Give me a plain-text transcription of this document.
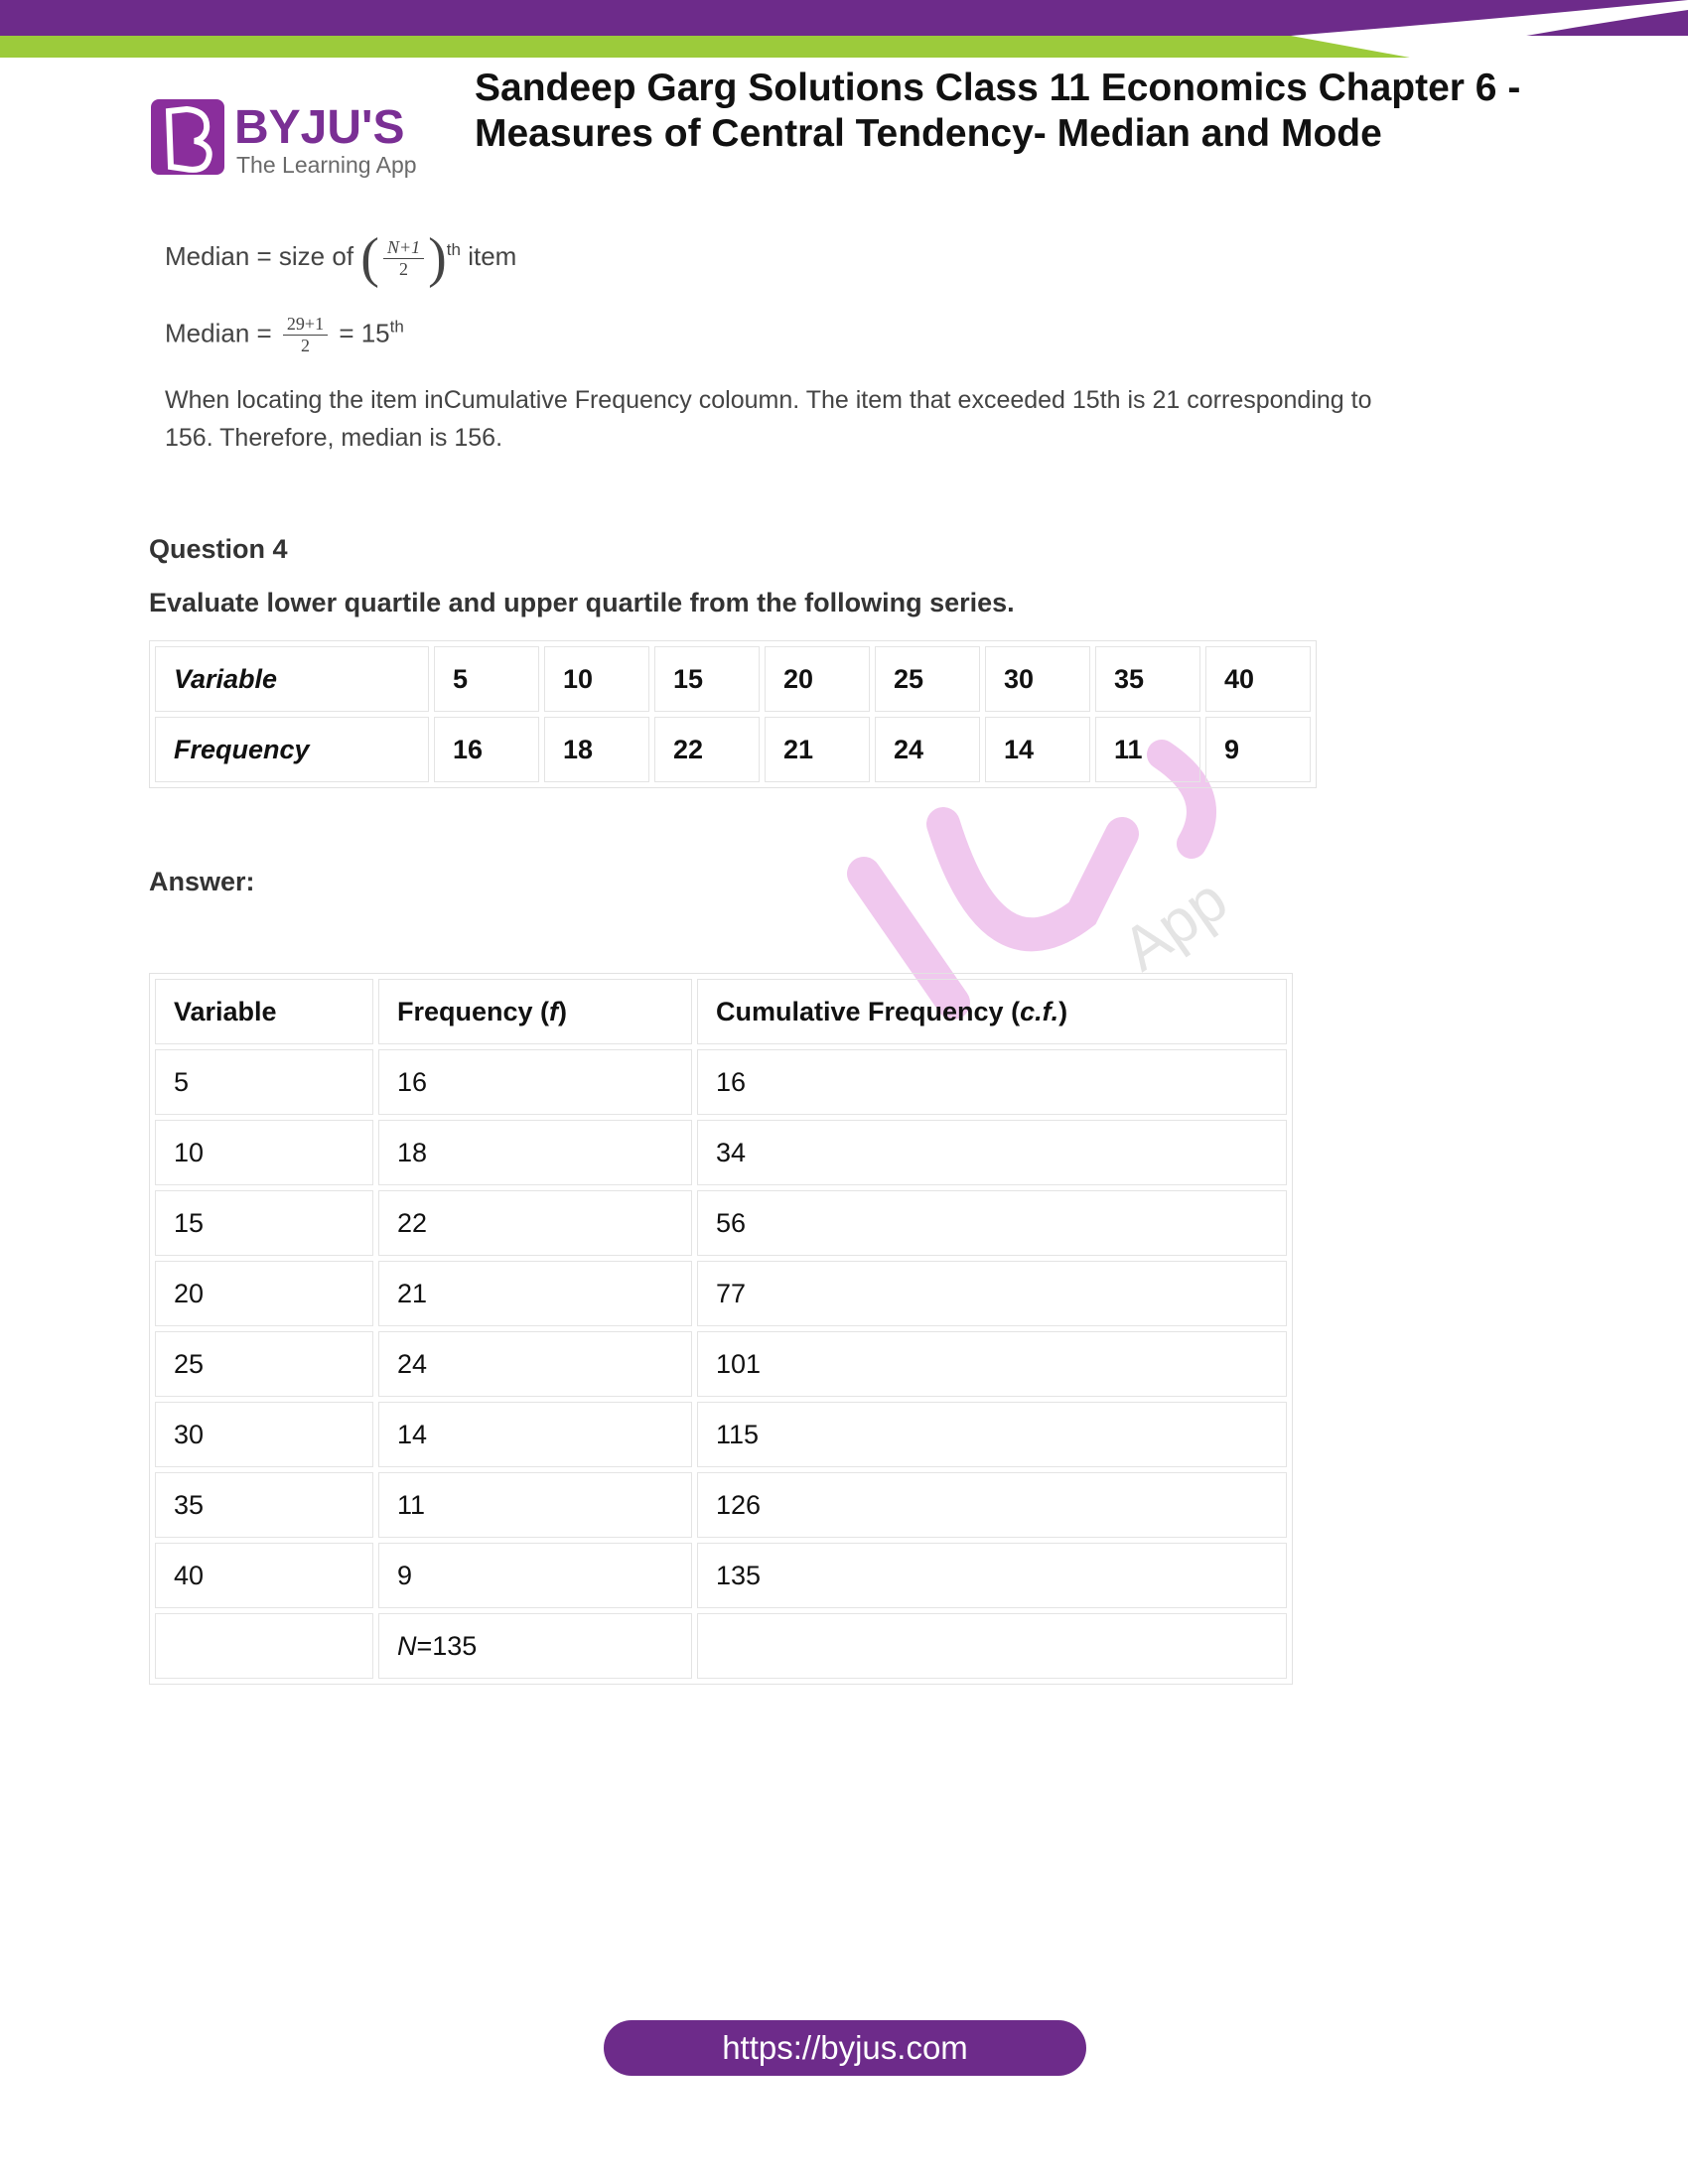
BYJU'S
The Learning App
Sandeep Garg Solutions Class 11 Economics Chapter 6 -
Measures of Central Tendency- Median and Mode
App
Median = size of ( $\frac{N+1}{2} )^{th}$ item
Median = $\frac{29+1}{2} = 15th$
When locating the item inCumulative Frequency coloumn. The item that exceeded 15th is 21 corresponding to 156. Therefore, median is 156.
Question 4
Evaluate lower quartile and upper quartile from the following series.
Variable	5	10	15	20	25	30	35	40
Frequency	16	18	22	21	24	14	11	9
Answer:
Variable	Frequency (f)	Cumulative Frequency (c.f.)
5	16	16
10	18	34
15	22	56
20	21	77
25	24	101
30	14	115
35	11	126
40	9	135
	N=135	
https://byjus.com
